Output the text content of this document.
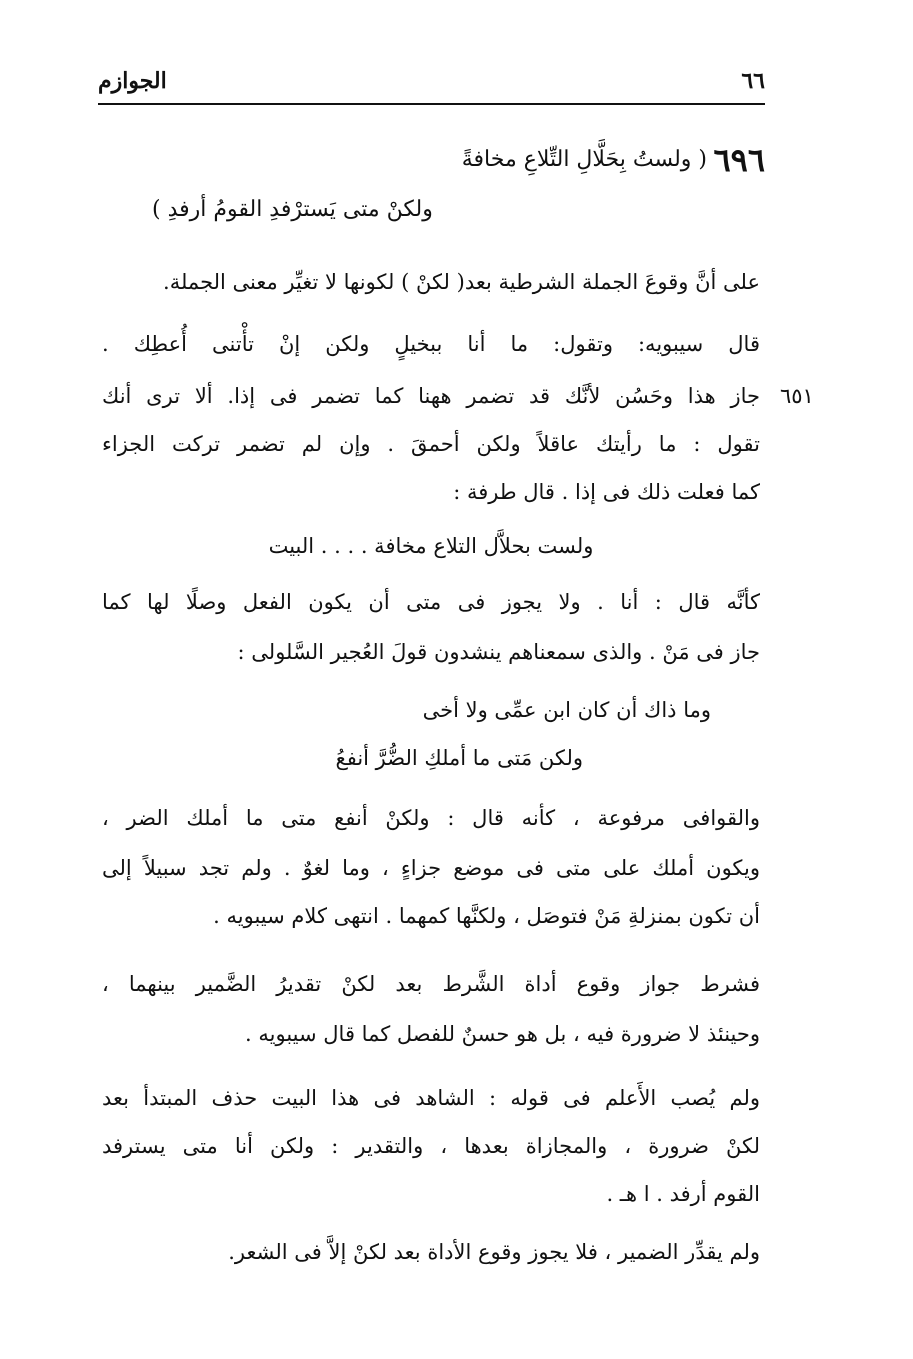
٦٦
الجوازم
٦٩٦
( ولستُ بِحَلَّالِ التِّلاعِ مخافةً
ولكنْ متى يَسترْفدِ القومُ أرفدِ )
على أنَّ وقوعَ الجملة الشرطية بعد( لكنْ ) لكونها لا تغيِّر معنى الجملة.
قال سيبويه: وتقول: ما أنا ببخيلٍ ولكن إنْ تأْتنى أُعطِك .
جاز هذا وحَسُن لأنَّك قد تضمر ههنا كما تضمر فى إذا. ألا ترى أنك
تقول : ما رأيتك عاقلاً ولكن أحمقَ . وإن لم تضمر تركت الجزاء
كما فعلت ذلك فى إذا . قال طرفة :
٦٥١
ولست بحلاَّل التلاع مخافة . . . . البيت
كأنَّه قال : أنا . ولا يجوز فى متى أن يكون الفعل وصلًا لها كما
جاز فى مَنْ . والذى سمعناهم ينشدون قولَ العُجير السَّلولى :
وما ذاك أن كان ابن عمِّى ولا أخى
ولكن مَتى ما أملكِ الضُّرَّ أنفعُ
والقوافى مرفوعة ، كأنه قال : ولكنْ أنفع متى ما أملك الضر ،
ويكون أملك على متى فى موضع جزاءٍ ، وما لغوٌ . ولم تجد سبيلاً إلى
أن تكون بمنزلةِ مَنْ فتوصَل ، ولكنَّها كمهما . انتهى كلام سيبويه .
فشرط جواز وقوع أداة الشَّرط بعد لكنْ تقديرُ الضَّمير بينهما ،
وحينئذ لا ضرورة فيه ، بل هو حسنٌ للفصل كما قال سيبويه .
ولم يُصب الأَعلم فى قوله : الشاهد فى هذا البيت حذف المبتدأ بعد
لكنْ ضرورة ، والمجازاة بعدها ، والتقدير : ولكن أنا متى يسترفد
القوم أرفد . ا هـ .
ولم يقدِّر الضمير ، فلا يجوز وقوع الأداة بعد لكنْ إلاَّ فى الشعر.
